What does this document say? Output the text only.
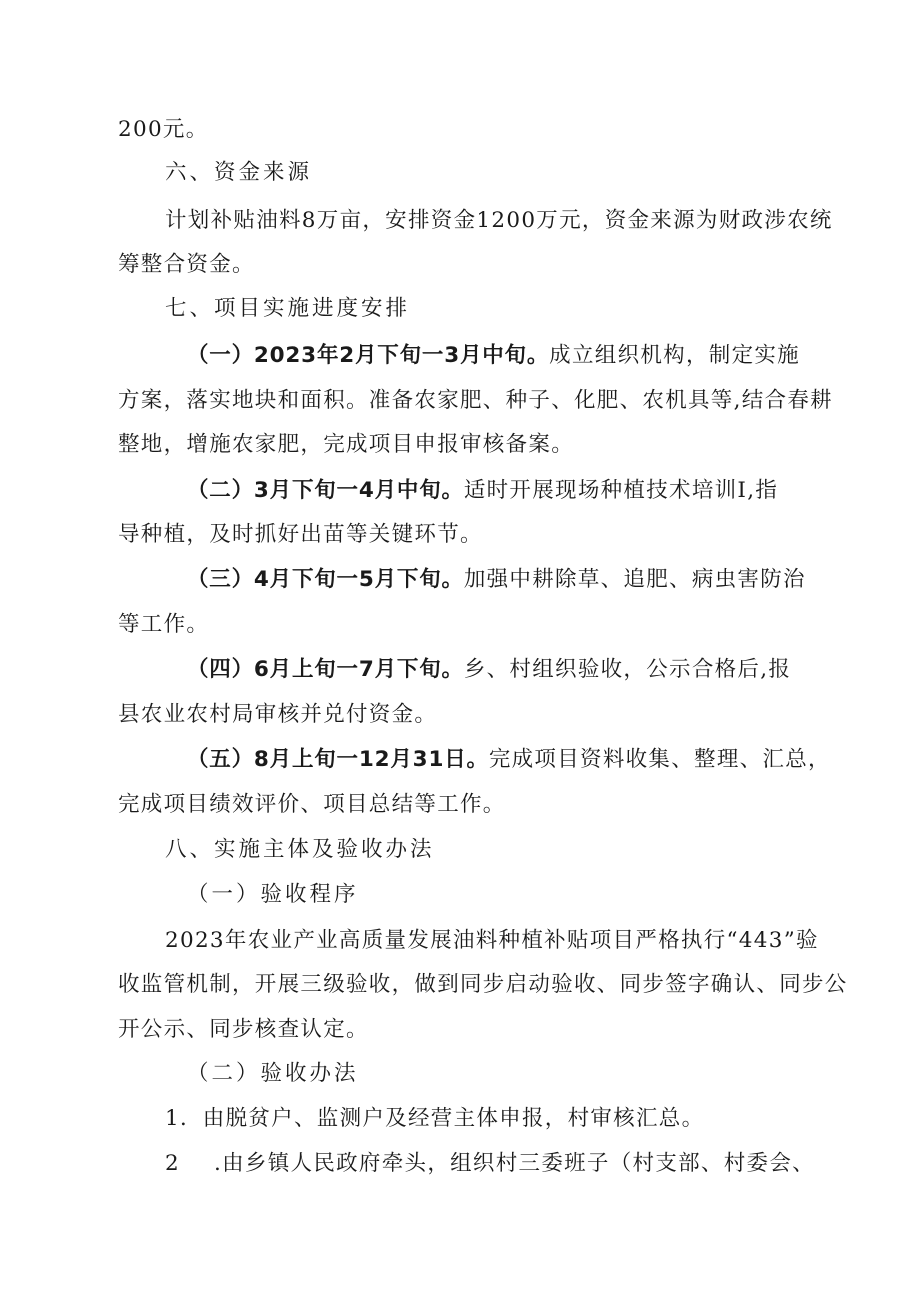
200元。
六、资金来源
计划补贴油料8万亩，安排资金1200万元，资金来源为财政涉农统
筹整合资金。
七、项目实施进度安排
（一）2023年2月下旬一3月中旬。成立组织机构，制定实施
方案，落实地块和面积。准备农家肥、种子、化肥、农机具等,结合春耕
整地，增施农家肥，完成项目申报审核备案。
（二）3月下旬一4月中旬。适时开展现场种植技术培训I,指
导种植，及时抓好出苗等关键环节。
（三）4月下旬一5月下旬。加强中耕除草、追肥、病虫害防治
等工作。
（四）6月上旬一7月下旬。乡、村组织验收，公示合格后,报
县农业农村局审核并兑付资金。
（五）8月上旬一12月31日。完成项目资料收集、整理、汇总，
完成项目绩效评价、项目总结等工作。
八、实施主体及验收办法
（一）验收程序
2023年农业产业高质量发展油料种植补贴项目严格执行“443”验
收监管机制，开展三级验收，做到同步启动验收、同步签字确认、同步公
开公示、同步核查认定。
（二）验收办法
1．由脱贫户、监测户及经营主体申报，村审核汇总。
2 .由乡镇人民政府牵头，组织村三委班子（村支部、村委会、
